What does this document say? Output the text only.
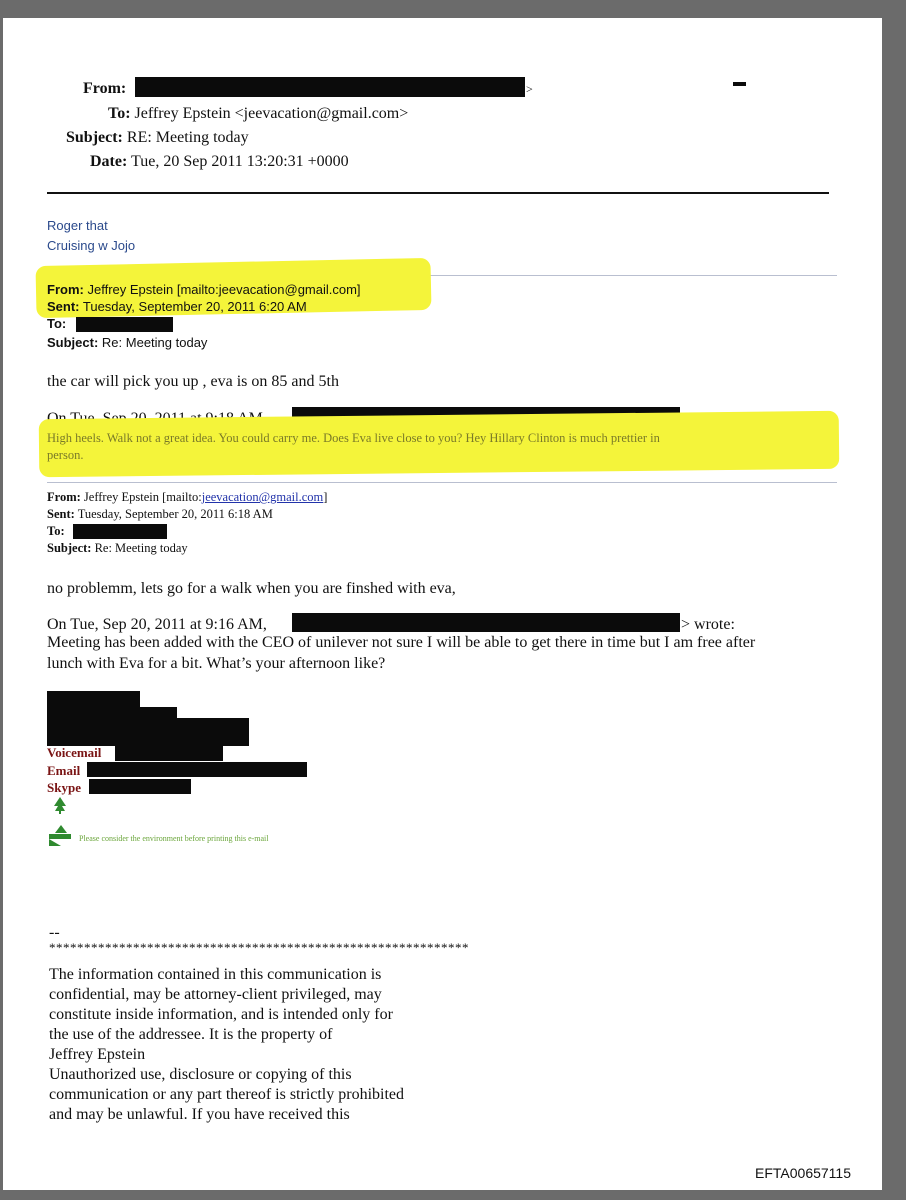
From:	>
To: Jeffrey Epstein <jeevacation@gmail.com>
Subject: RE: Meeting today
Date: Tue, 20 Sep 2011 13:20:31 +0000
Roger that
Cruising w Jojo
From: Jeffrey Epstein [mailto:jeevacation@gmail.com]
Sent: Tuesday, September 20, 2011 6:20 AM
To:
Subject: Re: Meeting today
the car will pick you up , eva is on 85 and 5th
High heels. Walk not a great idea. You could carry me. Does Eva live close to you? Hey Hillary Clinton is much prettier in
person.
From: Jeffrey Epstein [mailto:jeevacation@gmail.com]
Sent: Tuesday, September 20, 2011 6:18 AM
To:
Subject: Re: Meeting today
no problemm, lets go for a walk when you are finshed with eva,
On Tue, Sep 20, 2011 at 9:16 AM,	> wrote:
Meeting has been added with the CEO of unilever not sure I will be able to get there in time but I am free after
lunch with Eva for a bit. What’s your afternoon like?
Voicemail
Email
Skype
Please consider the environment before printing this e-mail
--
************************************************************
The information contained in this communication is
confidential, may be attorney-client privileged, may
constitute inside information, and is intended only for
the use of the addressee. It is the property of
Jeffrey Epstein
Unauthorized use, disclosure or copying of this
communication or any part thereof is strictly prohibited
and may be unlawful. If you have received this
EFTA00657115
